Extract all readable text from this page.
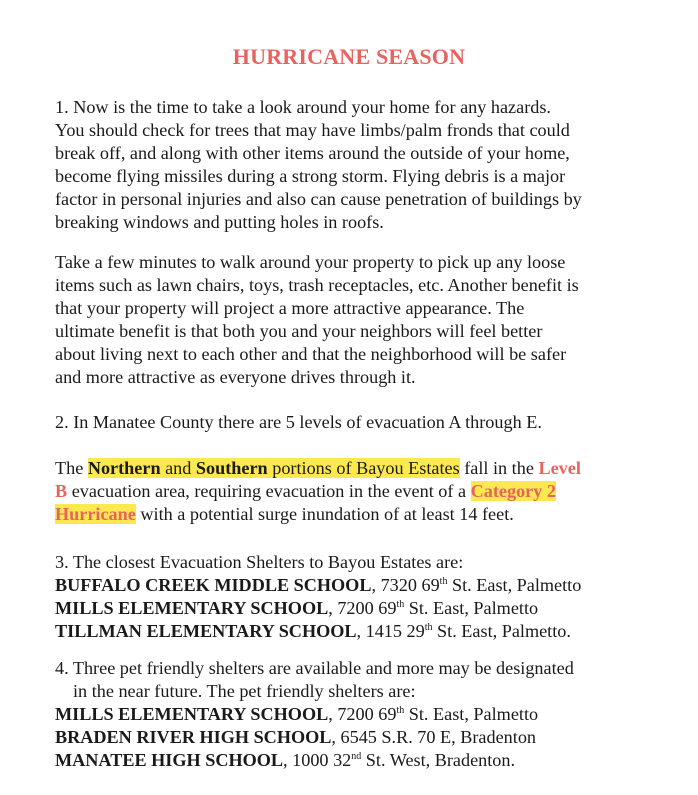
HURRICANE SEASON
1. Now is the time to take a look around your home for any hazards.
You should check for trees that may have limbs/palm fronds that could
break off, and along with other items around the outside of your home,
become flying missiles during a strong storm. Flying debris is a major
factor in personal injuries and also can cause penetration of buildings by
breaking windows and putting holes in roofs.
Take a few minutes to walk around your property to pick up any loose
items such as lawn chairs, toys, trash receptacles, etc. Another benefit is
that your property will project a more attractive appearance. The
ultimate benefit is that both you and your neighbors will feel better
about living next to each other and that the neighborhood will be safer
and more attractive as everyone drives through it.
2. In Manatee County there are 5 levels of evacuation A through E.
The Northern and Southern portions of Bayou Estates fall in the Level
B evacuation area, requiring evacuation in the event of a Category 2
Hurricane with a potential surge inundation of at least 14 feet.
3. The closest Evacuation Shelters to Bayou Estates are:
BUFFALO CREEK MIDDLE SCHOOL, 7320 69th St. East, Palmetto
MILLS ELEMENTARY SCHOOL, 7200 69th St. East, Palmetto
TILLMAN ELEMENTARY SCHOOL, 1415 29th St. East, Palmetto.
4. Three pet friendly shelters are available and more may be designated
in the near future. The pet friendly shelters are:
MILLS ELEMENTARY SCHOOL, 7200 69th St. East, Palmetto
BRADEN RIVER HIGH SCHOOL, 6545 S.R. 70 E, Bradenton
MANATEE HIGH SCHOOL, 1000 32nd St. West, Bradenton.
